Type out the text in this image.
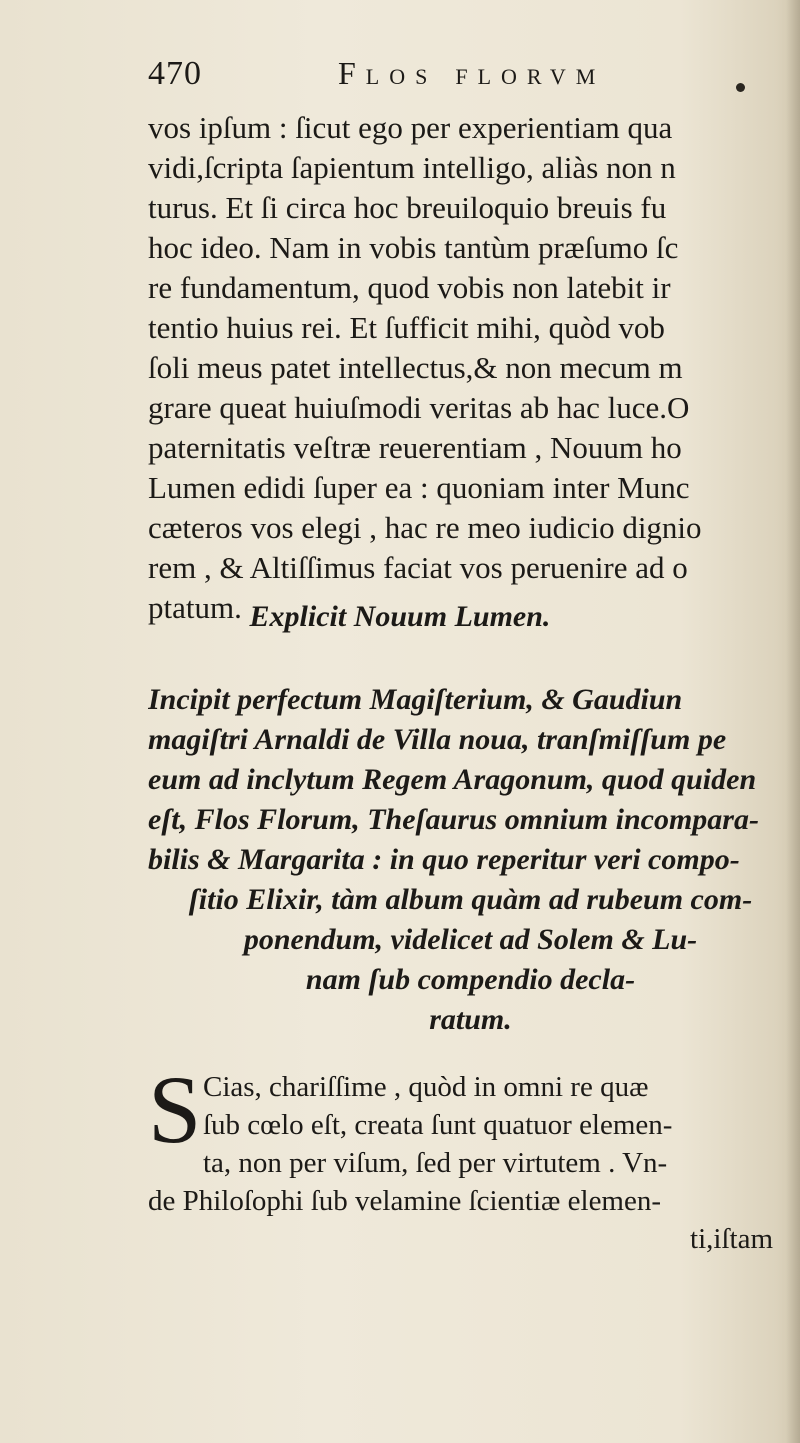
470	Flos florvm
vos ipſum : ſicut ego per experientiam qua
vidi,ſcripta ſapientum intelligo, aliàs non n
turus. Et ſi circa hoc breuiloquio breuis fu
hoc ideo. Nam in vobis tantùm præſumo ſc
re fundamentum, quod vobis non latebit ir
tentio huius rei. Et ſufficit mihi, quòd vob
ſoli meus patet intellectus,& non mecum m
grare queat huiuſmodi veritas ab hac luce.O
paternitatis veſtræ reuerentiam , Nouum ho
Lumen edidi ſuper ea : quoniam inter Munc
cæteros vos elegi , hac re meo iudicio dignio
rem , & Altiſſimus faciat vos peruenire ad o
ptatum. Explicit Nouum Lumen.
Incipit perfectum Magiſterium, & Gaudiun
magiſtri Arnaldi de Villa noua, tranſmiſſum pe
eum ad inclytum Regem Aragonum, quod quiden
eſt, Flos Florum, Theſaurus omnium incompara-
bilis & Margarita : in quo reperitur veri compo-
ſitio Elixir, tàm album quàm ad rubeum com-
ponendum, videlicet ad Solem & Lu-
nam ſub compendio decla-
ratum.
S Cias, chariſſime , quòd in omni re quæ
ſub cœlo eſt, creata ſunt quatuor elemen-
ta, non per viſum, ſed per virtutem . Vn-
de Philoſophi ſub velamine ſcientiæ elemen-
ti,iſtam
